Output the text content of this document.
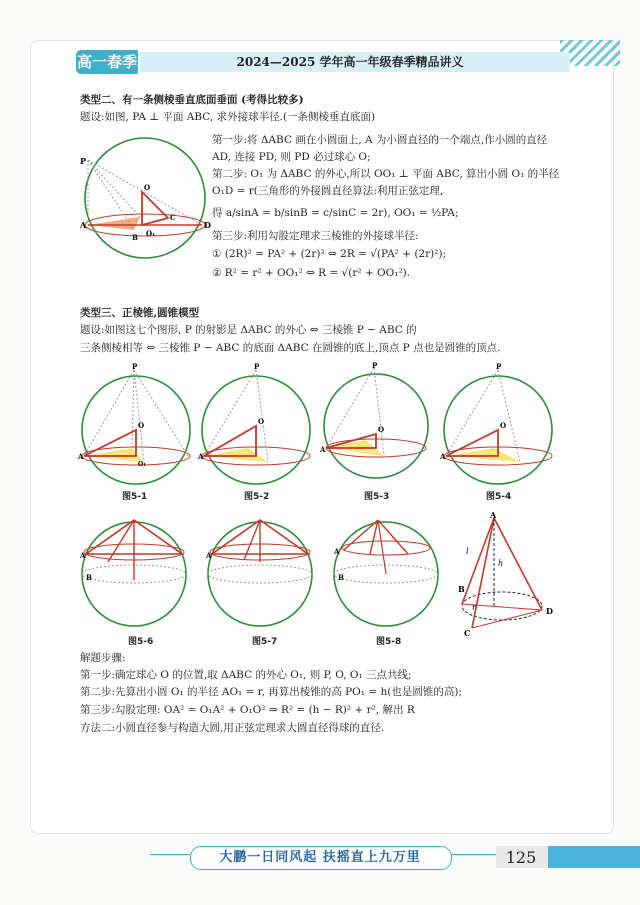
高一春季	2024—2025 学年高一年级春季精品讲义
类型二、有一条侧棱垂直底面垂面 (考得比较多)
题设:如图, PA ⊥ 平面 ABC, 求外接球半径.(一条侧棱垂直底面)
P
A	D
O
O₁
B
C
第一步:将 ΔABC 画在小圆面上, A 为小圆直径的一个端点,作小圆的直径
AD, 连接 PD, 则 PD 必过球心 O;
第二步: O₁ 为 ΔABC 的外心,所以 OO₁ ⊥ 平面 ABC, 算出小圆 O₁ 的半径
O₁D = r(三角形的外接圆直径算法:利用正弦定理,
得 a/sinA = b/sinB = c/sinC = 2r), OO₁ = ½PA;
第三步:利用勾股定理求三棱锥的外接球半径:
① (2R)² = PA² + (2r)² ⇔ 2R = √(PA² + (2r)²);
② R² = r² + OO₁² ⇔ R = √(r² + OO₁²).
类型三、正棱锥,圆锥模型
题设:如图这七个图形, P 的射影是 ΔABC 的外心 ⇔ 三棱锥 P − ABC 的
三条侧棱相等 ⇔ 三棱锥 P − ABC 的底面 ΔABC 在圆锥的底上,顶点 P 点也是圆锥的顶点.
P
O
O₁
A
图5-1
P
O
A
图5-2
P
O
A
图5-3
P
O
A
图5-4
A
B
图5-6
A
图5-7
A
B
图5-8
A
B
C
D
h
l
r
解题步骤:
第一步:确定球心 O 的位置,取 ΔABC 的外心 O₁, 则 P, O, O₁ 三点共线;
第二步:先算出小圆 O₁ 的半径 AO₁ = r, 再算出棱锥的高 PO₁ = h(也是圆锥的高);
第三步:勾股定理: OA² = O₁A² + O₁O² ⇒ R² = (h − R)² + r², 解出 R
方法二:小圆直径参与构造大圆,用正弦定理求大圆直径得球的直径.
大鹏一日同风起 扶摇直上九万里	125
